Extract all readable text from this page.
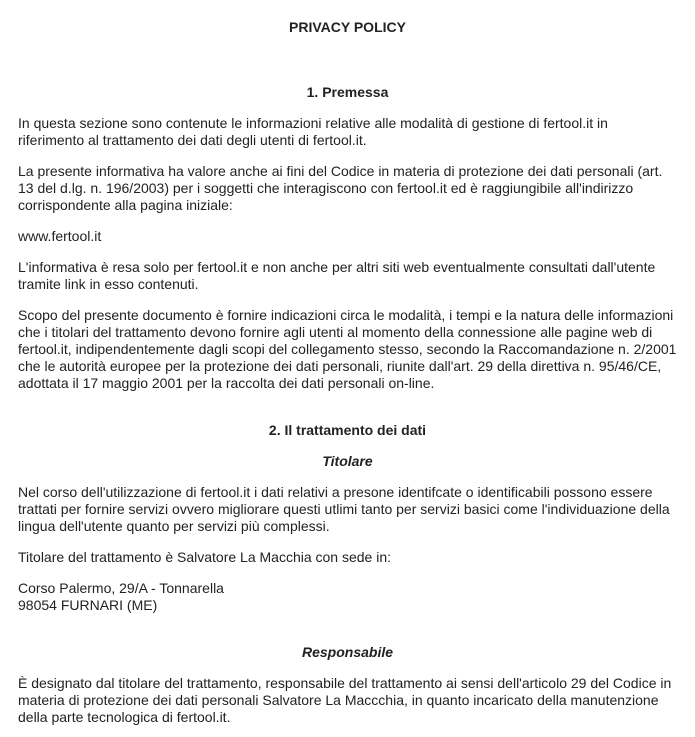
PRIVACY POLICY
1. Premessa

In questa sezione sono contenute le informazioni relative alle modalità di gestione di fertool.it in riferimento al trattamento dei dati degli utenti di fertool.it.

La presente informativa ha valore anche ai fini del Codice in materia di protezione dei dati personali (art. 13 del d.lg. n. 196/2003) per i soggetti che interagiscono con fertool.it ed è raggiungibile all'indirizzo corrispondente alla pagina iniziale:

www.fertool.it

L'informativa è resa solo per fertool.it e non anche per altri siti web eventualmente consultati dall'utente tramite link in esso contenuti.

Scopo del presente documento è fornire indicazioni circa le modalità, i tempi e la natura delle informazioni che i titolari del trattamento devono fornire agli utenti al momento della connessione alle pagine web di fertool.it, indipendentemente dagli scopi del collegamento stesso, secondo la Raccomandazione n. 2/2001 che le autorità europee per la protezione dei dati personali, riunite dall'art. 29 della direttiva n. 95/46/CE, adottata il 17 maggio 2001 per la raccolta dei dati personali on-line.

2. Il trattamento dei dati
Titolare

Nel corso dell'utilizzazione di fertool.it i dati relativi a presone identifcate o identificabili possono essere trattati per fornire servizi ovvero migliorare questi utlimi tanto per servizi basici come l'individuazione della lingua dell'utente quanto per servizi più complessi.

Titolare del trattamento è Salvatore La Macchia con sede in:

Corso Palermo, 29/A - Tonnarella
98054 FURNARI (ME)

Responsabile

È designato dal titolare del trattamento, responsabile del trattamento ai sensi dell'articolo 29 del Codice in materia di protezione dei dati personali Salvatore La Maccchia, in quanto incaricato della manutenzione della parte tecnologica di fertool.it.
